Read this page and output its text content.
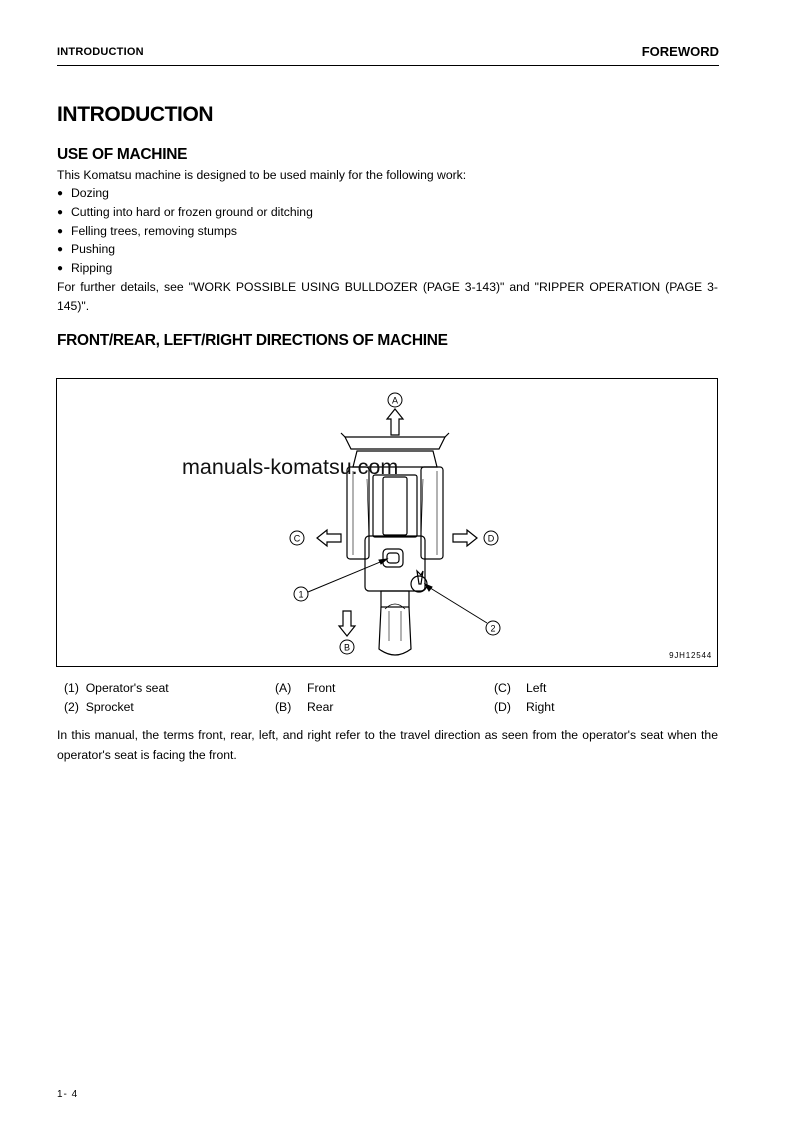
INTRODUCTION	FOREWORD
INTRODUCTION
USE OF MACHINE
This Komatsu machine is designed to be used mainly for the following work:
● Dozing
● Cutting into hard or frozen ground or ditching
● Felling trees, removing stumps
● Pushing
● Ripping
For further details, see "WORK POSSIBLE USING BULLDOZER (PAGE 3-143)" and "RIPPER OPERATION (PAGE 3-145)".
FRONT/REAR, LEFT/RIGHT DIRECTIONS OF MACHINE
A
B
C	D
1
2
manuals-komatsu.com
9JH12544
(1) Operator's seat	(A) Front	(C) Left
(2) Sprocket	(B) Rear	(D) Right
In this manual, the terms front, rear, left, and right refer to the travel direction as seen from the operator's seat when the operator's seat is facing the front.
1- 4
